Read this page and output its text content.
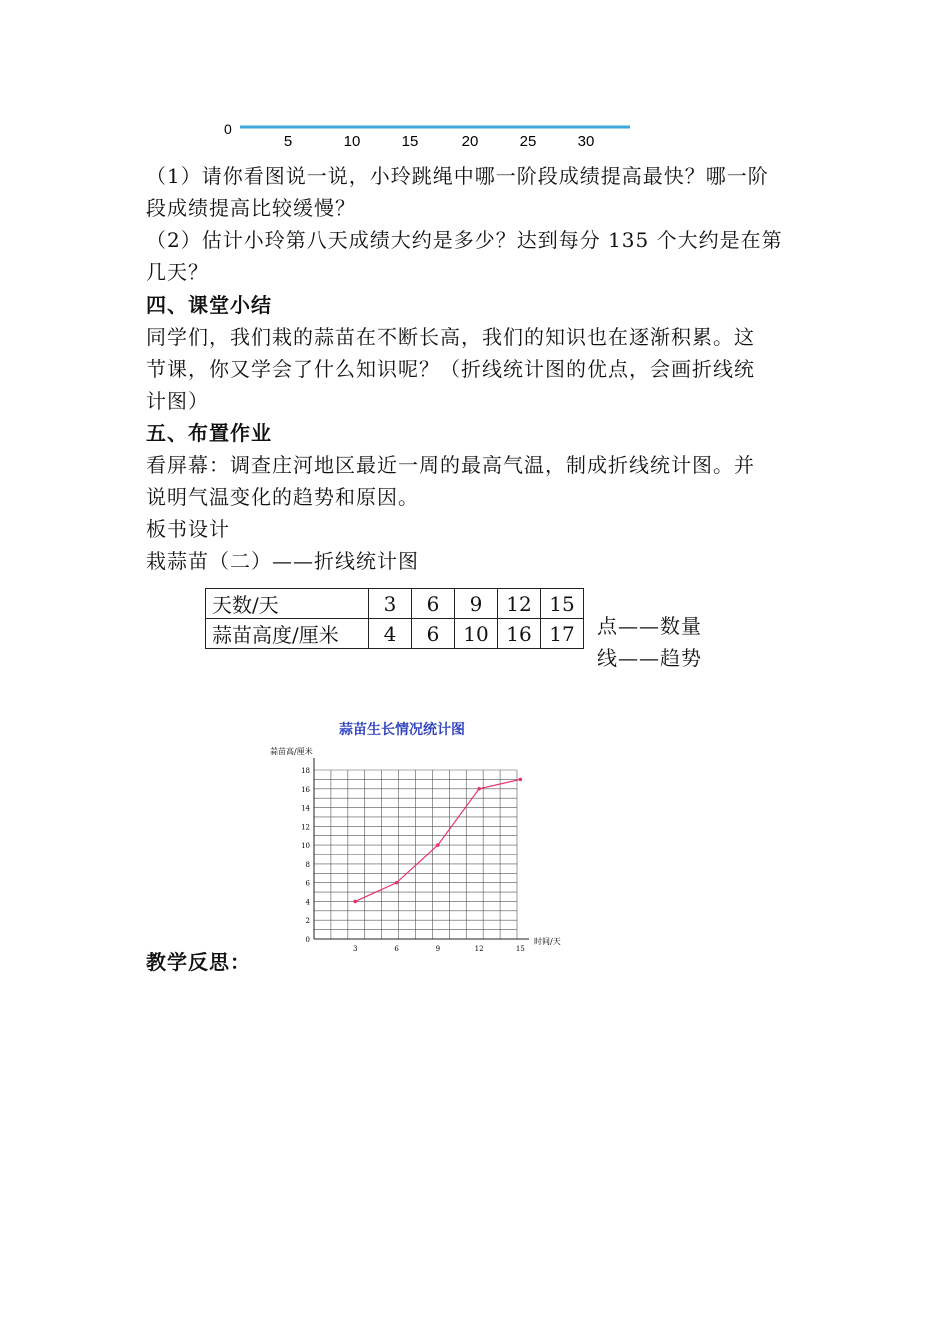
0
5	10	15	20	25	30
（1）请你看图说一说，小玲跳绳中哪一阶段成绩提高最快？哪一阶
段成绩提高比较缓慢？
（2）估计小玲第八天成绩大约是多少？达到每分 135 个大约是在第
几天？
四、课堂小结
同学们，我们栽的蒜苗在不断长高，我们的知识也在逐渐积累。这
节课，你又学会了什么知识呢？（折线统计图的优点，会画折线统
计图）
五、布置作业
看屏幕：调查庄河地区最近一周的最高气温，制成折线统计图。并
说明气温变化的趋势和原因。
板书设计
栽蒜苗（二）——折线统计图
天数/天	3	6	9	12	15
蒜苗高度/厘米	4	6	10	16	17 点——数量
线——趋势
蒜苗生长情况统计图
蒜苗高/厘米
时间/天
0
2
4
6
8
10
12
14
16
18
3	6	9	12	15
教学反思：
